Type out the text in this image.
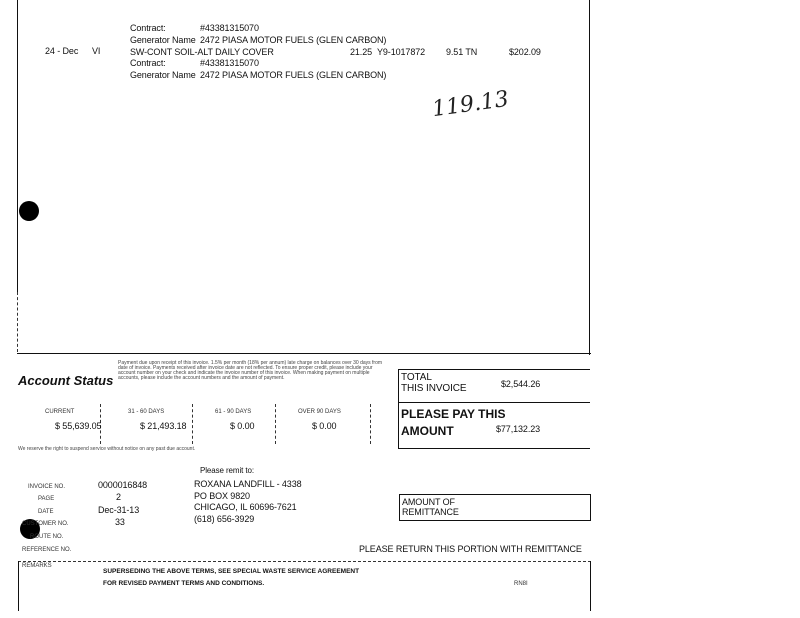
Contract:	#43381315070
Generator Name 2472 PIASA MOTOR FUELS (GLEN CARBON)
24 - Dec VI	SW-CONT SOIL-ALT DAILY COVER	21.25 Y9-1017872 9.51 TN	$202.09
Contract:	#43381315070
Generator Name 2472 PIASA MOTOR FUELS (GLEN CARBON)
119.13
Payment due upon receipt of this invoice. 1.5% per month (18% per annum) late charge on balances over 30 days from date of invoice. Payments received after invoice date are not reflected. To ensure proper credit, please include your account number on your check and indicate the invoice number of this invoice. When making payment on multiple accounts, please include the account numbers and the amount of payment.
Account Status
CURRENT
$ 55,639.05
31 - 60 DAYS
$ 21,493.18
61 - 90 DAYS
$ 0.00
OVER 90 DAYS
$ 0.00
TOTAL
THIS INVOICE	$2,544.26
PLEASE PAY THIS
AMOUNT	$77,132.23
We reserve the right to suspend service without notice on any past due account.
Please remit to:
ROXANA LANDFILL - 4338
PO BOX 9820
CHICAGO, IL 60696-7621
(618) 656-3929
INVOICE NO.	0000016848
PAGE	2
DATE	Dec-31-13
CUSTOMER NO.	33
ROUTE NO.
REFERENCE NO.
AMOUNT OF
REMITTANCE
PLEASE RETURN THIS PORTION WITH REMITTANCE
REMARKS
SUPERSEDING THE ABOVE TERMS, SEE SPECIAL WASTE SERVICE AGREEMENT
FOR REVISED PAYMENT TERMS AND CONDITIONS.	RN8I
